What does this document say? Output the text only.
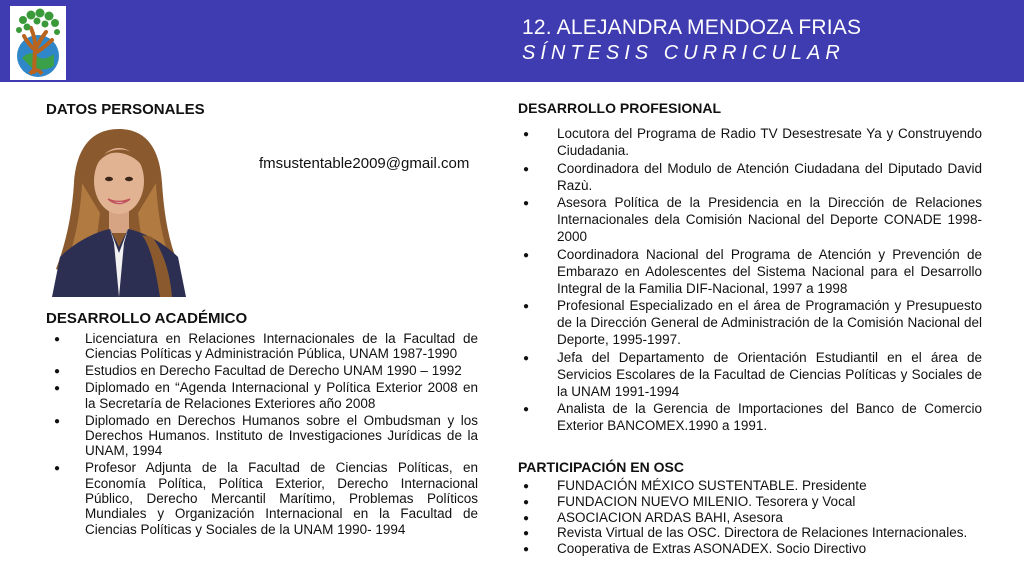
12. ALEJANDRA MENDOZA FRIAS
SÍNTESIS CURRICULAR
DATOS PERSONALES
fmsustentable2009@gmail.com
DESARROLLO ACADÉMICO
● Licenciatura en Relaciones Internacionales de la Facultad de Ciencias Políticas y Administración Pública, UNAM 1987-1990
● Estudios en Derecho Facultad de Derecho UNAM 1990 – 1992
● Diplomado en “Agenda Internacional y Política Exterior 2008 en la Secretaría de Relaciones Exteriores año 2008
● Diplomado en Derechos Humanos sobre el Ombudsman y los Derechos Humanos. Instituto de Investigaciones Jurídicas de la UNAM, 1994
● Profesor Adjunta de la Facultad de Ciencias Políticas, en Economía Política, Política Exterior, Derecho Internacional Público, Derecho Mercantil Marítimo, Problemas Políticos Mundiales y Organización Internacional en la Facultad de Ciencias Políticas y Sociales de la UNAM 1990- 1994
DESARROLLO PROFESIONAL
● Locutora del Programa de Radio TV Desestresate Ya y Construyendo Ciudadania.
● Coordinadora del Modulo de Atención Ciudadana del Diputado David Razù.
● Asesora Política de la Presidencia en la Dirección de Relaciones Internacionales dela Comisión Nacional del Deporte CONADE 1998-2000
● Coordinadora Nacional del Programa de Atención y Prevención de Embarazo en Adolescentes del Sistema Nacional para el Desarrollo Integral de la Familia DIF-Nacional, 1997 a 1998
● Profesional Especializado en el área de Programación y Presupuesto de la Dirección General de Administración de la Comisión Nacional del Deporte, 1995-1997.
● Jefa del Departamento de Orientación Estudiantil en el área de Servicios Escolares de la Facultad de Ciencias Políticas y Sociales de la UNAM 1991-1994
● Analista de la Gerencia de Importaciones del Banco de Comercio Exterior BANCOMEX.1990 a 1991.
PARTICIPACIÓN EN OSC
● FUNDACIÓN MÉXICO SUSTENTABLE. Presidente
● FUNDACION NUEVO MILENIO. Tesorera y Vocal
● ASOCIACION ARDAS BAHI, Asesora
● Revista Virtual de las OSC. Directora de Relaciones Internacionales.
● Cooperativa de Extras ASONADEX. Socio Directivo
